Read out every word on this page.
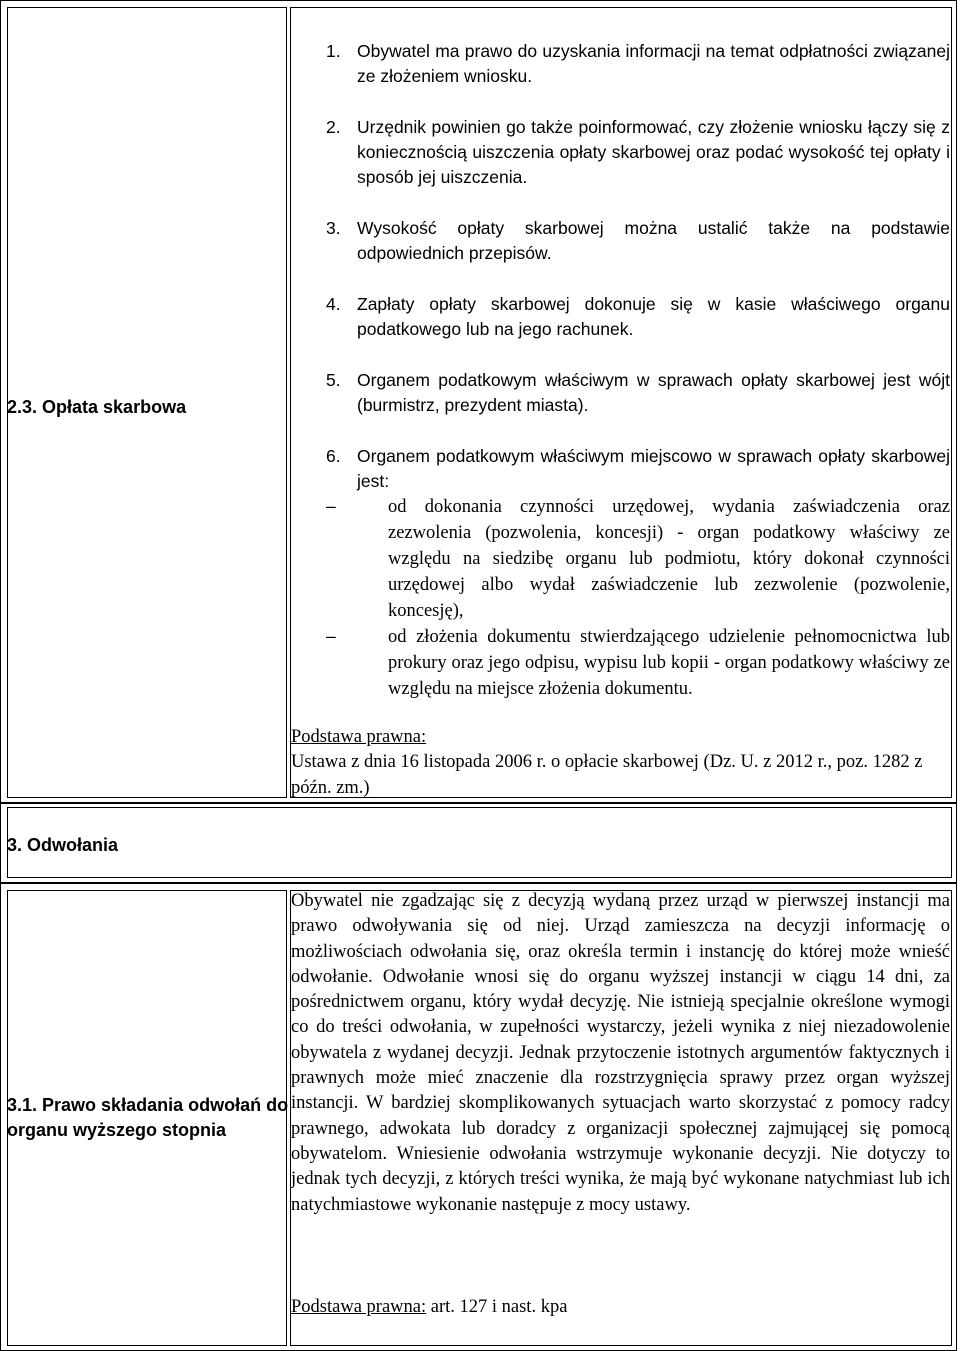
2.3. Opłata skarbowa
1. Obywatel ma prawo do uzyskania informacji na temat odpłatności związanej ze złożeniem wniosku.
2. Urzędnik powinien go także poinformować, czy złożenie wniosku łączy się z koniecznością uiszczenia opłaty skarbowej oraz podać wysokość tej opłaty i sposób jej uiszczenia.
3. Wysokość opłaty skarbowej można ustalić także na podstawie odpowiednich przepisów.
4. Zapłaty opłaty skarbowej dokonuje się w kasie właściwego organu podatkowego lub na jego rachunek.
5. Organem podatkowym właściwym w sprawach opłaty skarbowej jest wójt (burmistrz, prezydent miasta).
6. Organem podatkowym właściwym miejscowo w sprawach opłaty skarbowej jest:
–	od dokonania czynności urzędowej, wydania zaświadczenia oraz zezwolenia (pozwolenia, koncesji) - organ podatkowy właściwy ze względu na siedzibę organu lub podmiotu, który dokonał czynności urzędowej albo wydał zaświadczenie lub zezwolenie (pozwolenie, koncesję),
–	od złożenia dokumentu stwierdzającego udzielenie pełnomocnictwa lub prokury oraz jego odpisu, wypisu lub kopii - organ podatkowy właściwy ze względu na miejsce złożenia dokumentu.
Podstawa prawna:
Ustawa z dnia 16 listopada 2006 r. o opłacie skarbowej (Dz. U. z 2012 r., poz. 1282 z późn. zm.)
3. Odwołania
3.1. Prawo składania odwołań do organu wyższego stopnia
Obywatel nie zgadzając się z decyzją wydaną przez urząd w pierwszej instancji ma prawo odwoływania się od niej. Urząd zamieszcza na decyzji informację o możliwościach odwołania się, oraz określa termin i instancję do której może wnieść odwołanie. Odwołanie wnosi się do organu wyższej instancji w ciągu 14 dni, za pośrednictwem organu, który wydał decyzję. Nie istnieją specjalnie określone wymogi co do treści odwołania, w zupełności wystarczy, jeżeli wynika z niej niezadowolenie obywatela z wydanej decyzji. Jednak przytoczenie istotnych argumentów faktycznych i prawnych może mieć znaczenie dla rozstrzygnięcia sprawy przez organ wyższej instancji. W bardziej skomplikowanych sytuacjach warto skorzystać z pomocy radcy prawnego, adwokata lub doradcy z organizacji społecznej zajmującej się pomocą obywatelom. Wniesienie odwołania wstrzymuje wykonanie decyzji. Nie dotyczy to jednak tych decyzji, z których treści wynika, że mają być wykonane natychmiast lub ich natychmiastowe wykonanie następuje z mocy ustawy.
Podstawa prawna: art. 127 i nast. kpa
